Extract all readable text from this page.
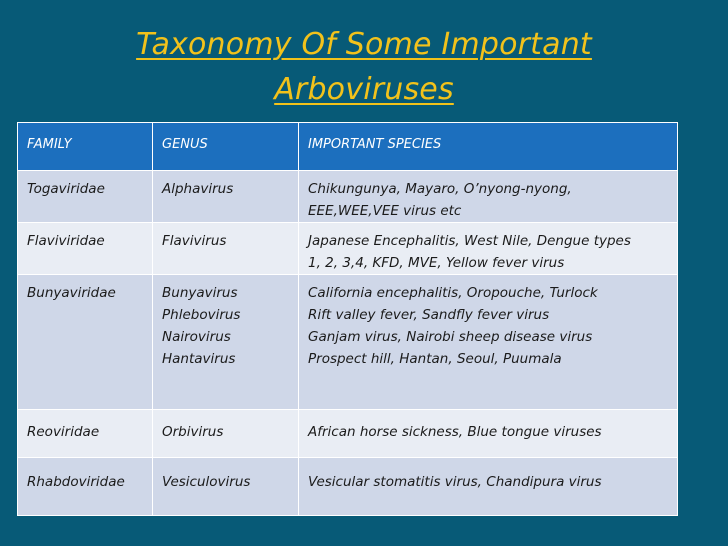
Taxonomy Of Some Important
Arboviruses
FAMILY	GENUS	IMPORTANT SPECIES
Togaviridae	Alphavirus	Chikungunya, Mayaro, O’nyong-nyong,
EEE,WEE,VEE virus etc

Flaviviridae	Flavivirus	Japanese Encephalitis, West Nile, Dengue types
1, 2, 3,4, KFD, MVE, Yellow fever virus

Bunyaviridae	Bunyavirus
Phlebovirus
Nairovirus
Hantavirus	California encephalitis, Oropouche, Turlock
Rift valley fever, Sandfly fever virus
Ganjam virus, Nairobi sheep disease virus
Prospect hill, Hantan, Seoul, Puumala

Reoviridae	Orbivirus	African horse sickness, Blue tongue viruses

Rhabdoviridae	Vesiculovirus	Vesicular stomatitis virus, Chandipura virus
